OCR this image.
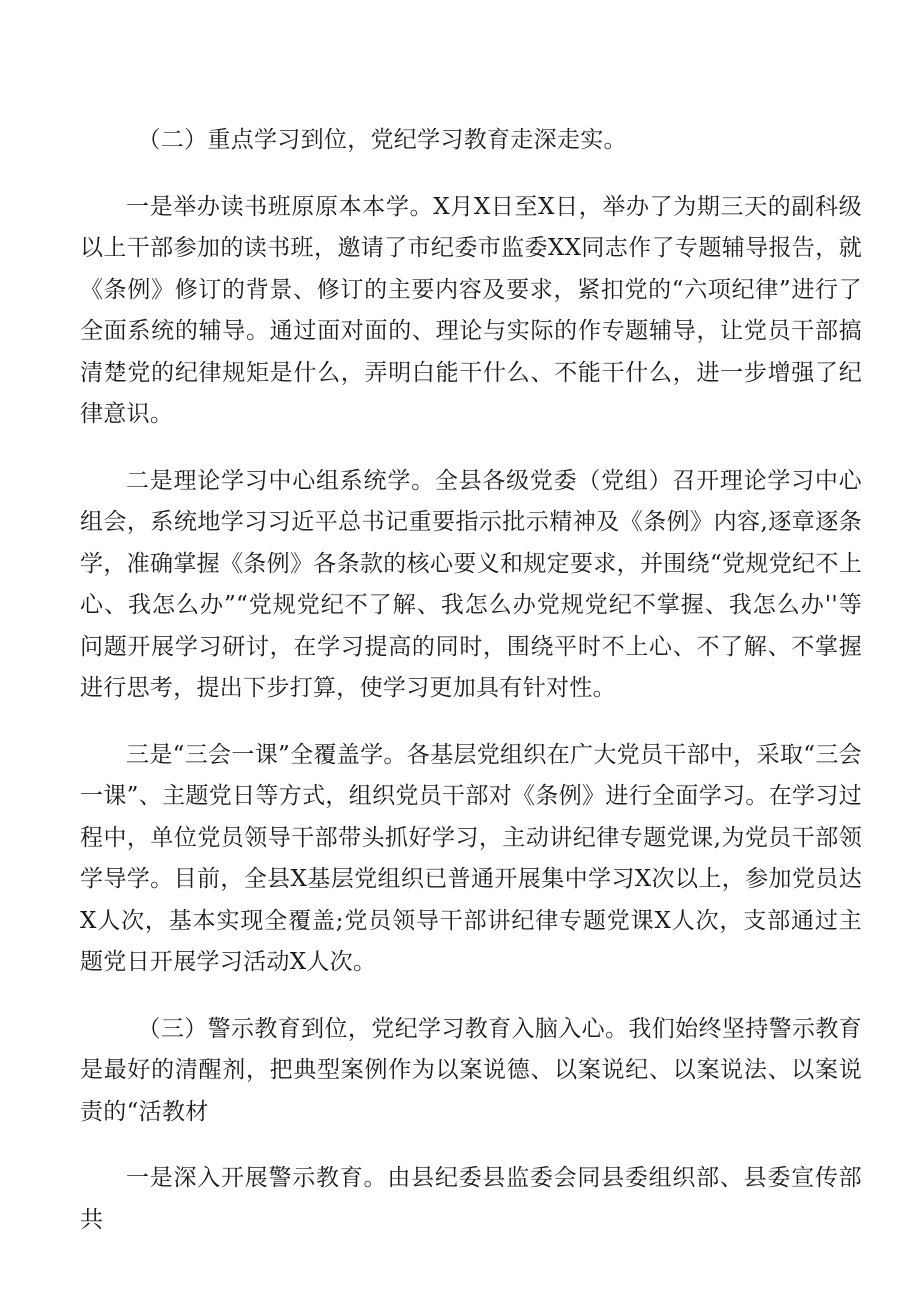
（二）重点学习到位，党纪学习教育走深走实。

一是举办读书班原原本本学。X月X日至X日，举办了为期三天的副科级以上干部参加的读书班，邀请了市纪委市监委XX同志作了专题辅导报告，就《条例》修订的背景、修订的主要内容及要求，紧扣党的“六项纪律”进行了全面系统的辅导。通过面对面的、理论与实际的作专题辅导，让党员干部搞清楚党的纪律规矩是什么，弄明白能干什么、不能干什么，进一步增强了纪律意识。

二是理论学习中心组系统学。全县各级党委（党组）召开理论学习中心组会，系统地学习习近平总书记重要指示批示精神及《条例》内容,逐章逐条学，准确掌握《条例》各条款的核心要义和规定要求，并围绕“党规党纪不上心、我怎么办”“党规党纪不了解、我怎么办党规党纪不掌握、我怎么办''等问题开展学习研讨，在学习提高的同时，围绕平时不上心、不了解、不掌握进行思考，提出下步打算，使学习更加具有针对性。

三是“三会一课”全覆盖学。各基层党组织在广大党员干部中，采取“三会一课”、主题党日等方式，组织党员干部对《条例》进行全面学习。在学习过程中，单位党员领导干部带头抓好学习，主动讲纪律专题党课,为党员干部领学导学。目前，全县X基层党组织已普通开展集中学习X次以上，参加党员达X人次，基本实现全覆盖;党员领导干部讲纪律专题党课X人次，支部通过主题党日开展学习活动X人次。

（三）警示教育到位，党纪学习教育入脑入心。我们始终坚持警示教育是最好的清醒剂，把典型案例作为以案说德、以案说纪、以案说法、以案说责的“活教材

一是深入开展警示教育。由县纪委县监委会同县委组织部、县委宣传部共
